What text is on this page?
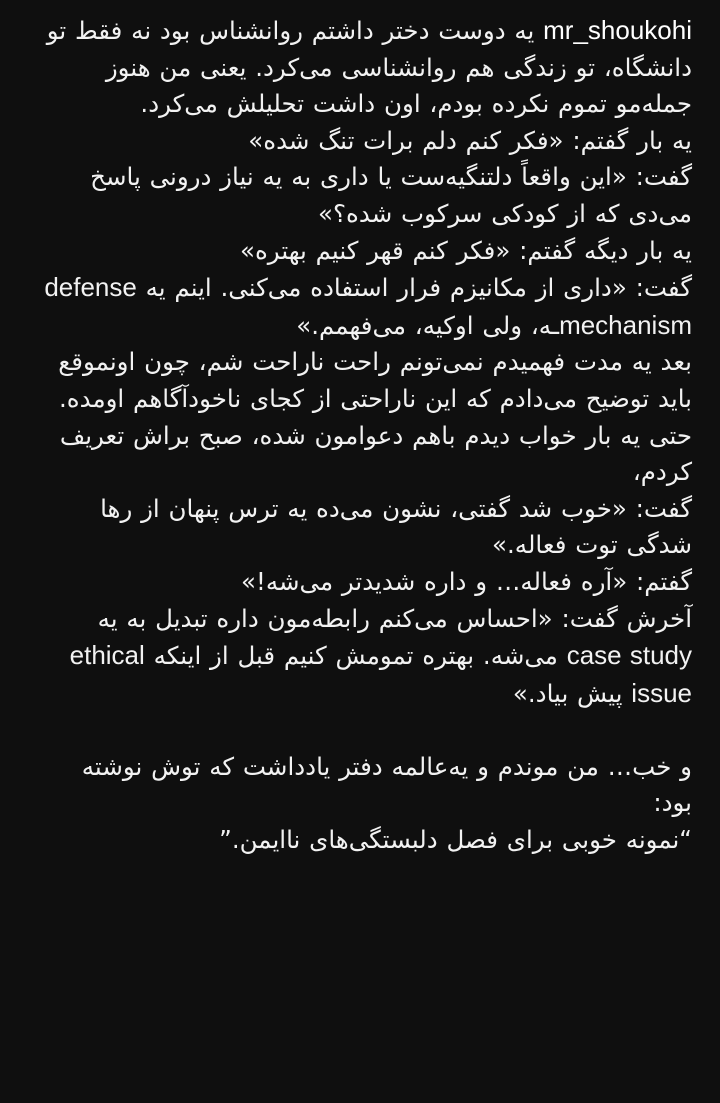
mr_shoukohi یه دوست دختر داشتم روانشناس بود نه فقط تو دانشگاه، تو زندگی هم روانشناسی می‌کرد. یعنی من هنوز جمله‌مو تموم نکرده بودم، اون داشت تحلیلش می‌کرد.
یه بار گفتم: «فکر کنم دلم برات تنگ شده»
گفت: «این واقعاً دلتنگیه‌ست یا داری به یه نیاز درونی پاسخ می‌دی که از کودکی سرکوب شده؟»
یه بار دیگه گفتم: «فکر کنم قهر کنیم بهتره»
گفت: «داری از مکانیزم فرار استفاده می‌کنی. اینم یه defense mechanismـه، ولی اوکیه، می‌فهمم.»
بعد یه مدت فهمیدم نمی‌تونم راحت ناراحت شم، چون اونموقع باید توضیح می‌دادم که این ناراحتی از کجای ناخودآگاهم اومده.
حتی یه بار خواب دیدم باهم دعوامون شده، صبح براش تعریف کردم،
گفت: «خوب شد گفتی، نشون می‌ده یه ترس پنهان از رها شدگی توت فعاله.»
گفتم: «آره فعاله… و داره شدیدتر می‌شه!»
آخرش گفت: «احساس می‌کنم رابطه‌مون داره تبدیل به یه case study می‌شه. بهتره تمومش کنیم قبل از اینکه ethical issue پیش بیاد.»
و خب… من موندم و یه‌عالمه دفتر یادداشت که توش نوشته بود:
“نمونه خوبی برای فصل دلبستگی‌های ناایمن.”
